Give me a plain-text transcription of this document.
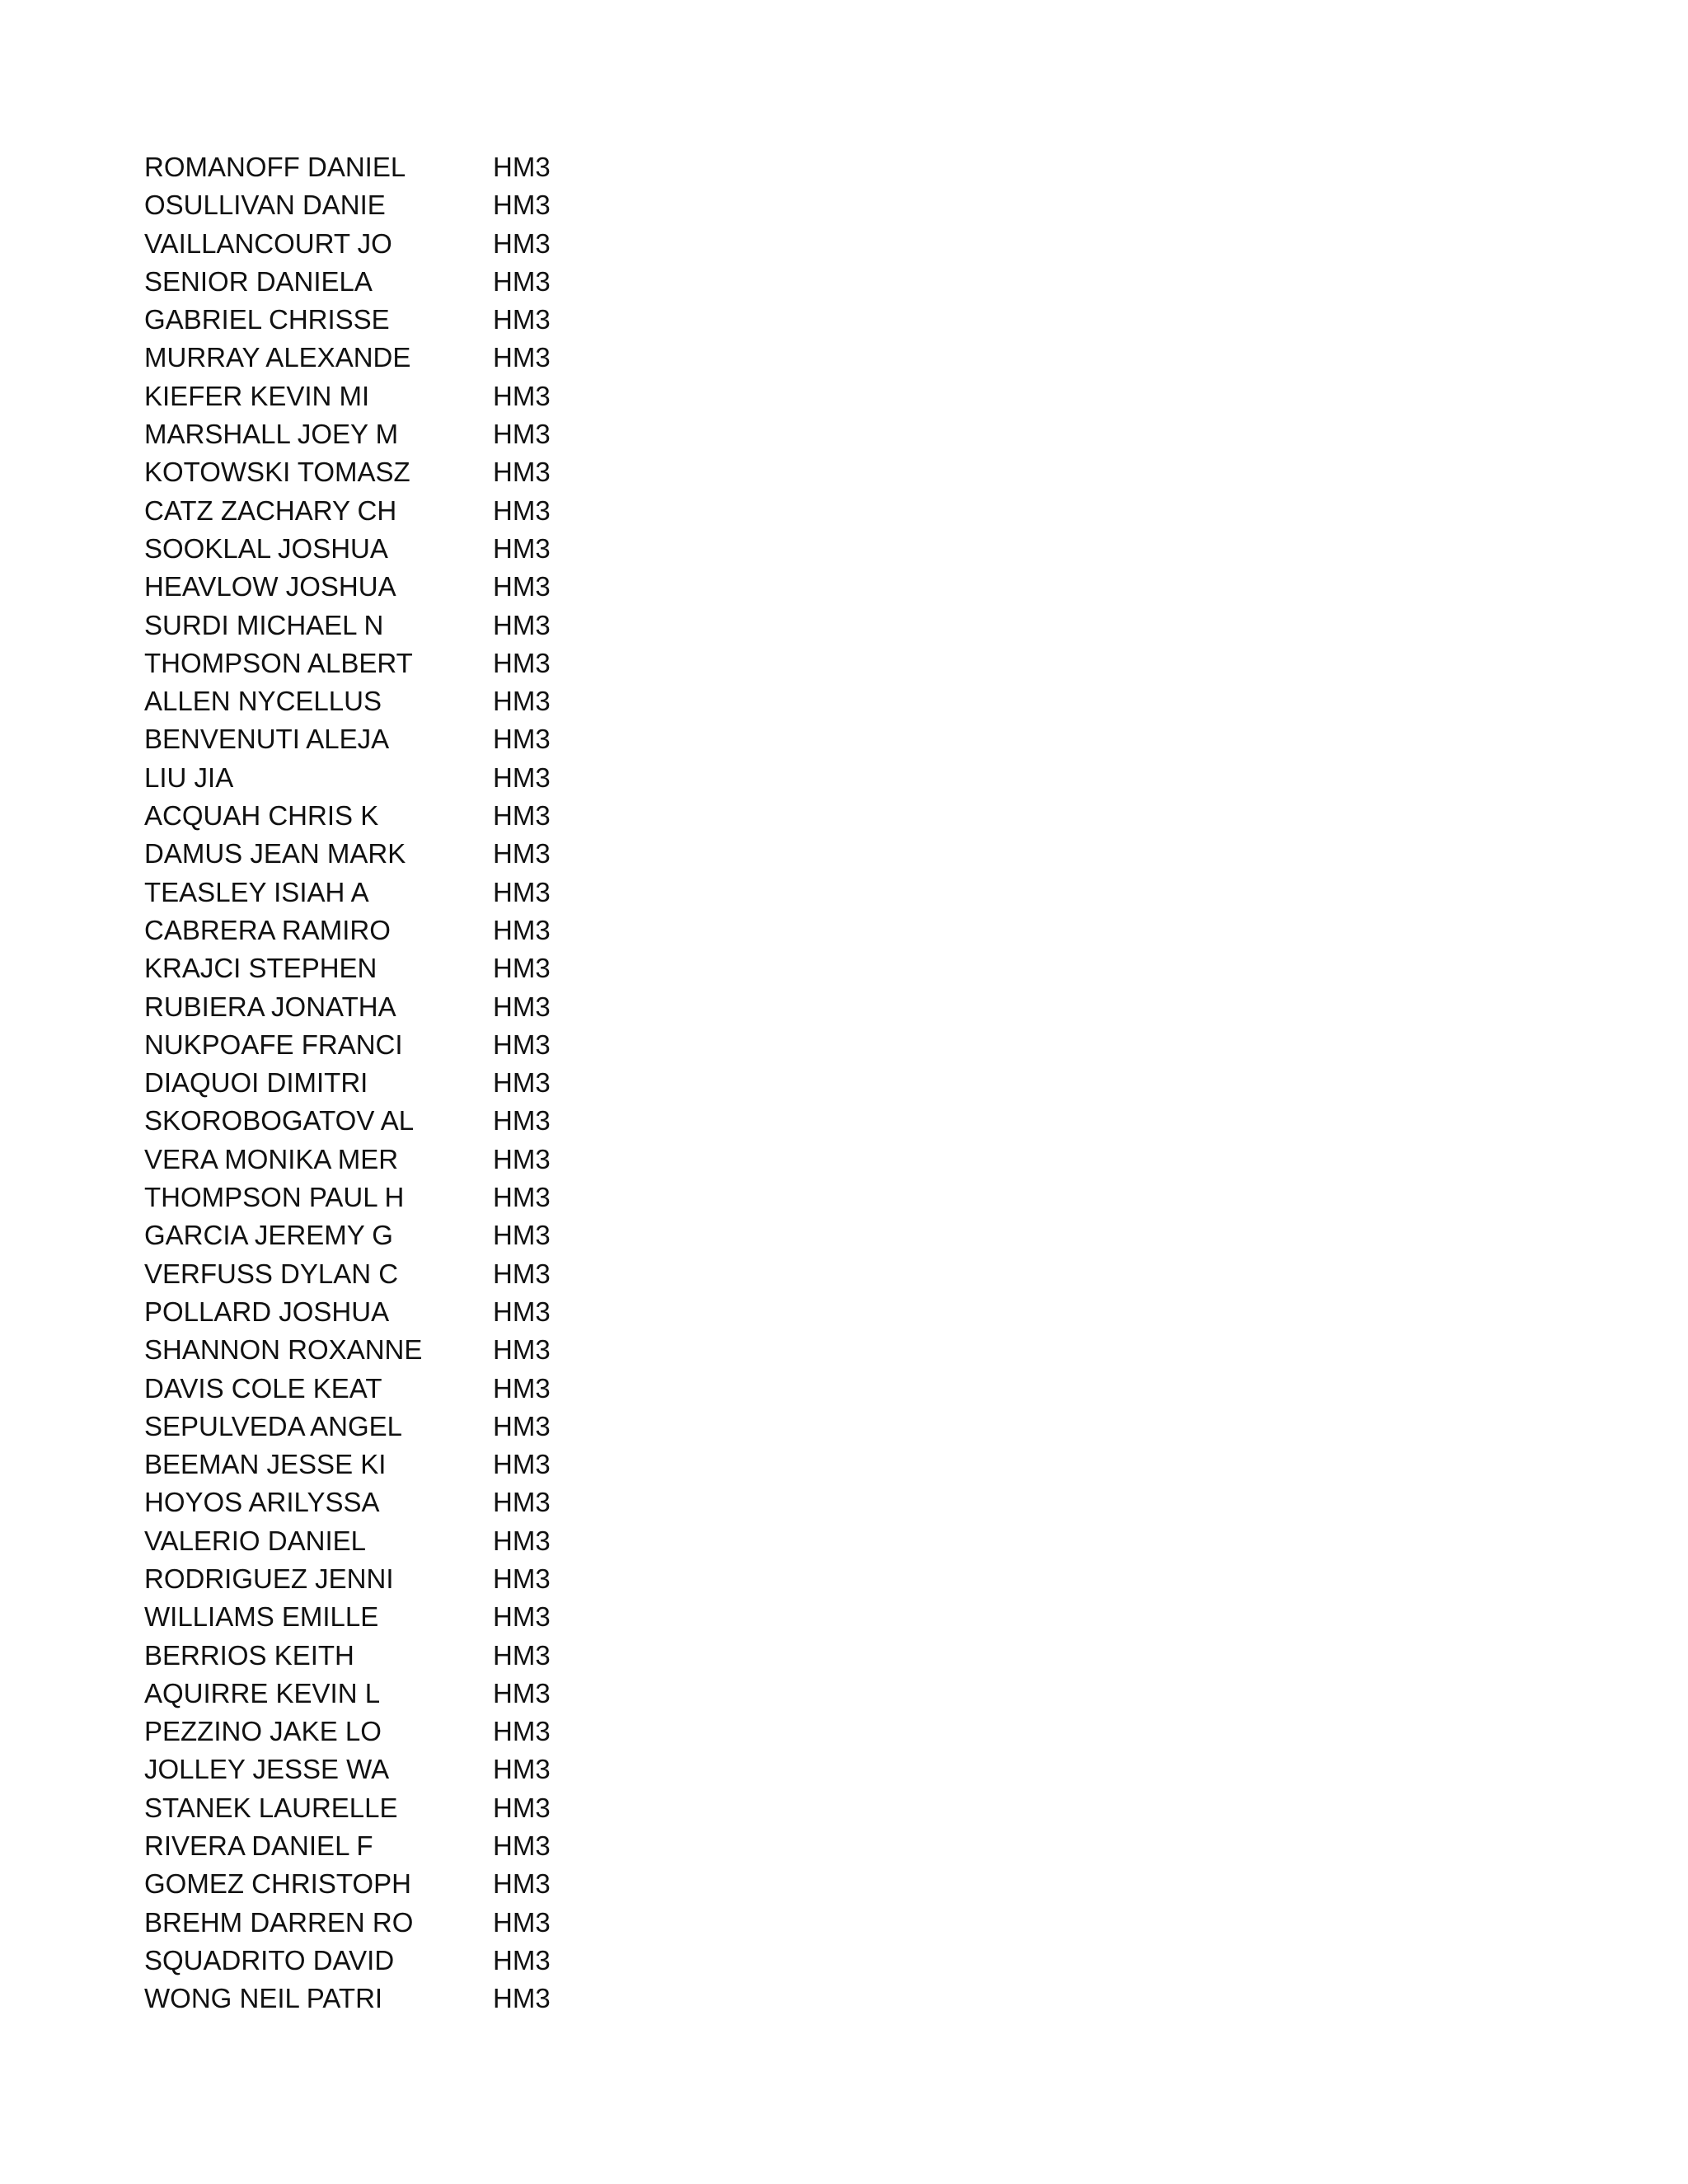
ROMANOFF DANIEL	HM3
OSULLIVAN DANIE	HM3
VAILLANCOURT JO	HM3
SENIOR DANIELA	HM3
GABRIEL CHRISSE	HM3
MURRAY ALEXANDE	HM3
KIEFER KEVIN MI	HM3
MARSHALL JOEY M	HM3
KOTOWSKI TOMASZ	HM3
CATZ ZACHARY CH	HM3
SOOKLAL JOSHUA	HM3
HEAVLOW JOSHUA	HM3
SURDI MICHAEL N	HM3
THOMPSON ALBERT	HM3
ALLEN NYCELLUS	HM3
BENVENUTI ALEJA	HM3
LIU JIA	HM3
ACQUAH CHRIS K	HM3
DAMUS JEAN MARK	HM3
TEASLEY ISIAH A	HM3
CABRERA RAMIRO	HM3
KRAJCI STEPHEN	HM3
RUBIERA JONATHA	HM3
NUKPOAFE FRANCI	HM3
DIAQUOI DIMITRI	HM3
SKOROBOGATOV AL	HM3
VERA MONIKA MER	HM3
THOMPSON PAUL H	HM3
GARCIA JEREMY G	HM3
VERFUSS DYLAN C	HM3
POLLARD JOSHUA	HM3
SHANNON ROXANNE	HM3
DAVIS COLE KEAT	HM3
SEPULVEDA ANGEL	HM3
BEEMAN JESSE KI	HM3
HOYOS ARILYSSA	HM3
VALERIO DANIEL	HM3
RODRIGUEZ JENNI	HM3
WILLIAMS EMILLE	HM3
BERRIOS KEITH	HM3
AQUIRRE KEVIN L	HM3
PEZZINO JAKE LO	HM3
JOLLEY JESSE WA	HM3
STANEK LAURELLE	HM3
RIVERA DANIEL F	HM3
GOMEZ CHRISTOPH	HM3
BREHM DARREN RO	HM3
SQUADRITO DAVID	HM3
WONG NEIL PATRI	HM3
